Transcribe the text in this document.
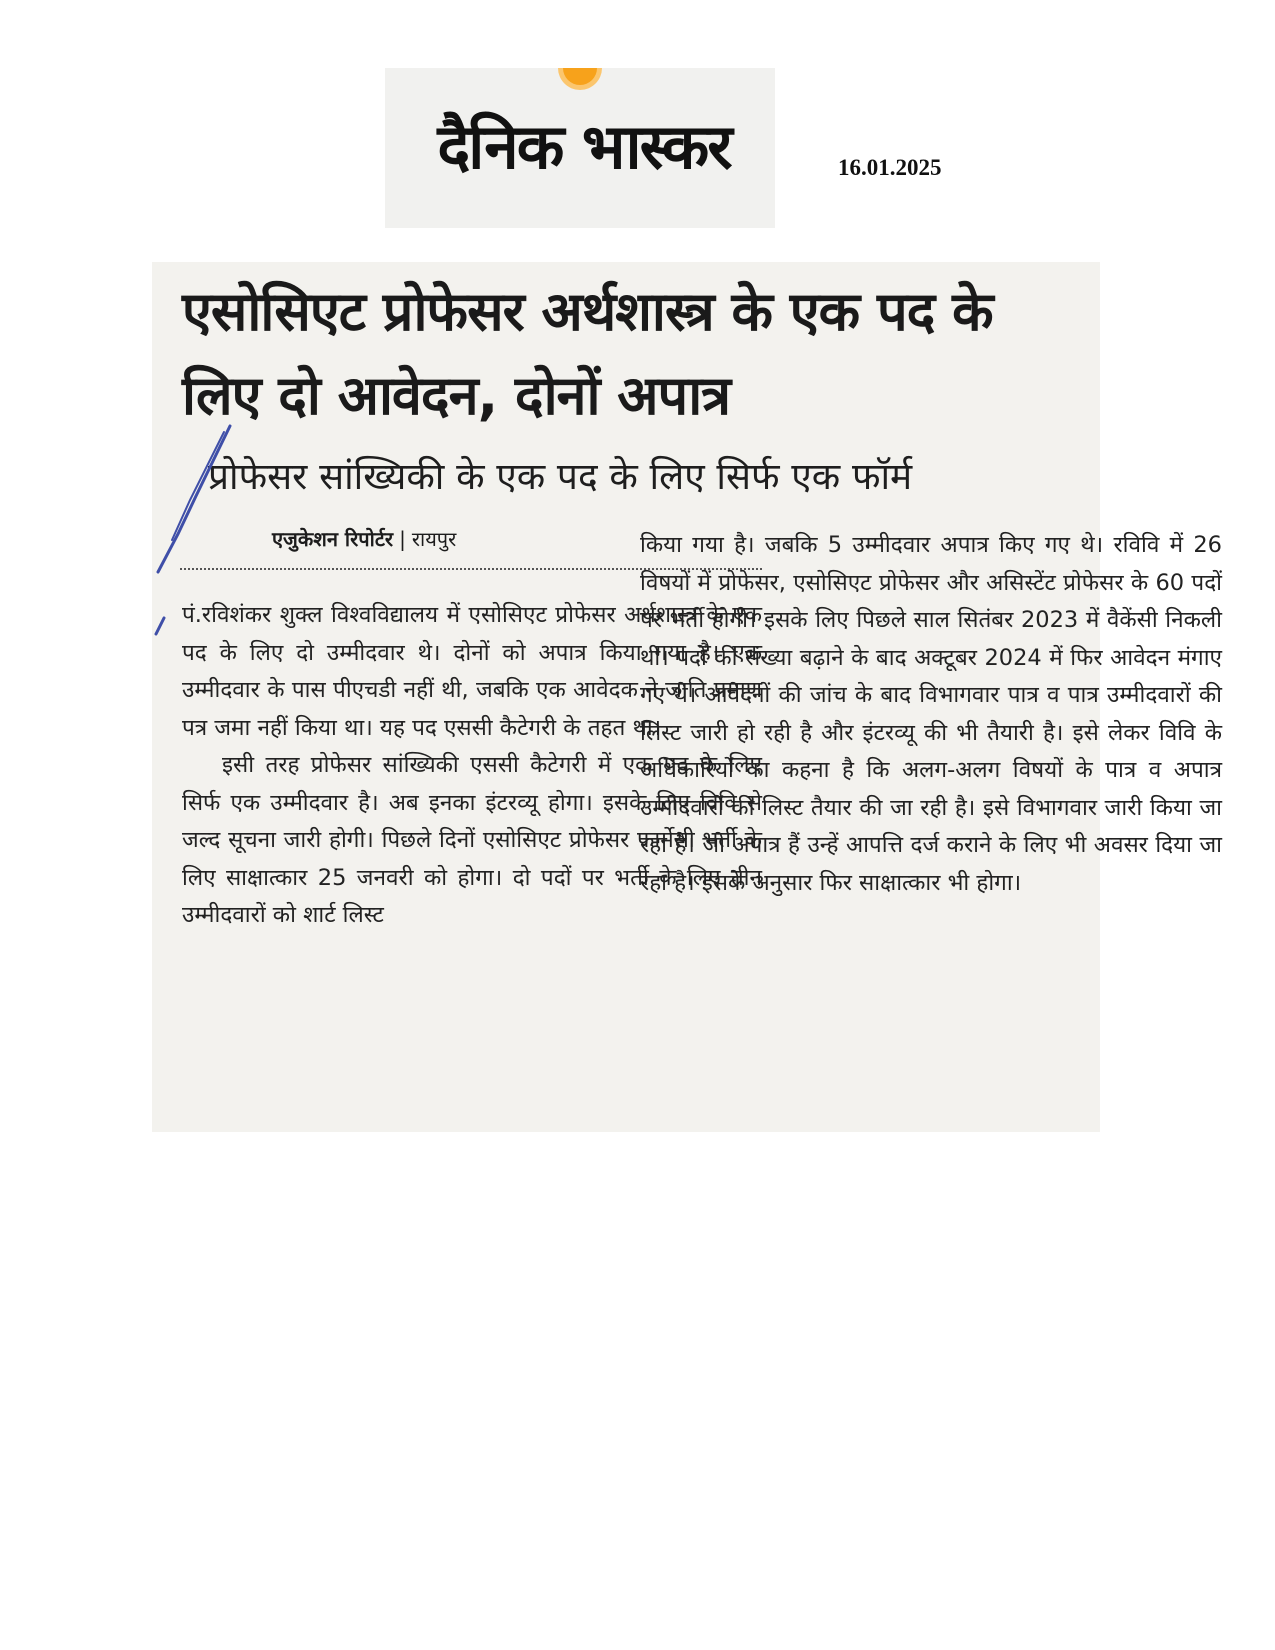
दैनिक भास्कर	16.01.2025
एसोसिएट प्रोफेसर अर्थशास्त्र के एक पद के लिए दो आवेदन, दोनों अपात्र
प्रोफेसर सांख्यिकी के एक पद के लिए सिर्फ एक फॉर्म
एजुकेशन रिपोर्टर | रायपुर

पं.रविशंकर शुक्ल विश्वविद्यालय में एसोसिएट प्रोफेसर अर्थशास्त्र के एक पद के लिए दो उम्मीदवार थे। दोनों को अपात्र किया गया है। एक उम्मीदवार के पास पीएचडी नहीं थी, जबकि एक आवेदक ने जाति प्रमाण पत्र जमा नहीं किया था। यह पद एससी कैटेगरी के तहत था।

इसी तरह प्रोफेसर सांख्यिकी एससी कैटेगरी में एक पद के लिए सिर्फ एक उम्मीदवार है। अब इनका इंटरव्यू होगा। इसके लिए विवि से जल्द सूचना जारी होगी। पिछले दिनों एसोसिएट प्रोफेसर फार्मेसी भर्ती के लिए साक्षात्कार 25 जनवरी को होगा। दो पदों पर भर्ती के लिए तीन उम्मीदवारों को शार्ट लिस्ट

किया गया है। जबकि 5 उम्मीदवार अपात्र किए गए थे। रविवि में 26 विषयों में प्रोफेसर, एसोसिएट प्रोफेसर और असिस्टेंट प्रोफेसर के 60 पदों पर भर्ती होगी। इसके लिए पिछले साल सितंबर 2023 में वैकेंसी निकली थी। पदों की संख्या बढ़ाने के बाद अक्टूबर 2024 में फिर आवेदन मंगाए गए थे। आवेदनों की जांच के बाद विभागवार पात्र व पात्र उम्मीदवारों की लिस्ट जारी हो रही है और इंटरव्यू की भी तैयारी है। इसे लेकर विवि के अधिकारियों का कहना है कि अलग-अलग विषयों के पात्र व अपात्र उम्मीदवारों की लिस्ट तैयार की जा रही है। इसे विभागवार जारी किया जा रहा है। जो अपात्र हैं उन्हें आपत्ति दर्ज कराने के लिए भी अवसर दिया जा रहा है। इसके अनुसार फिर साक्षात्कार भी होगा।
